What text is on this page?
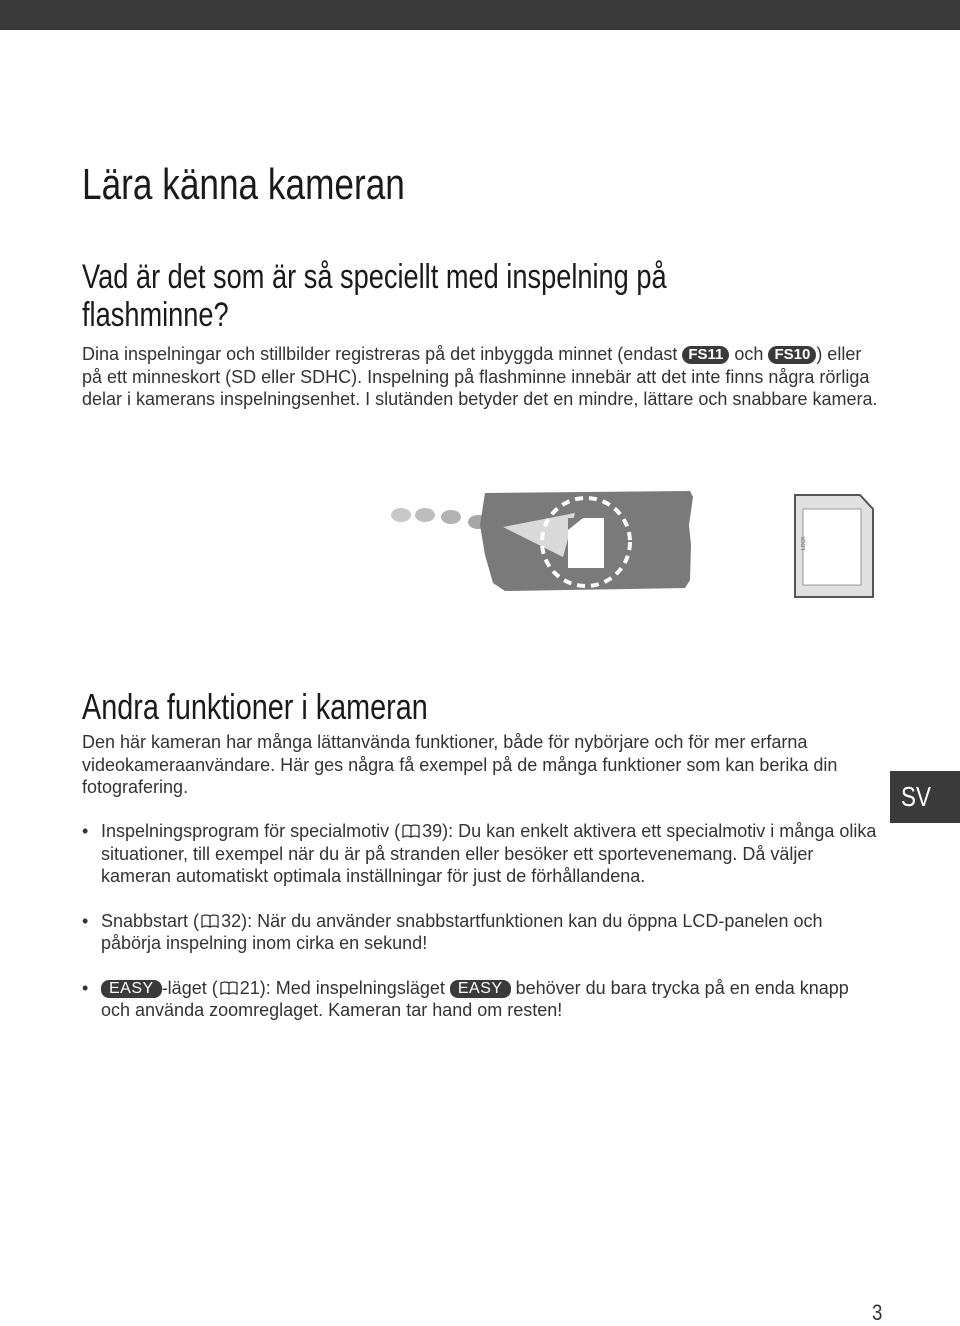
Lära känna kameran
Vad är det som är så speciellt med inspelning på flashminne?

Dina inspelningar och stillbilder registreras på det inbyggda minnet (endast FS11 och FS10 ) eller på ett minneskort (SD eller SDHC). Inspelning på flashminne innebär att det inte finns några rörliga delar i kamerans inspelningsenhet. I slutänden betyder det en mindre, lättare och snabbare kamera.

LOCK
Andra funktioner i kameran

Den här kameran har många lättanvända funktioner, både för nybörjare och för mer erfarna videokameraanvändare. Här ges några få exempel på de många funktioner som kan berika din fotografering.

• Inspelningsprogram för specialmotiv ( 39): Du kan enkelt aktivera ett specialmotiv i många olika situationer, till exempel när du är på stranden eller besöker ett sportevenemang. Då väljer kameran automatiskt optimala inställningar för just de förhållandena.
• Snabbstart ( 32): När du använder snabbstartfunktionen kan du öppna LCD-panelen och påbörja inspelning inom cirka en sekund!
• EASY -läget ( 21): Med inspelningsläget EASY behöver du bara trycka på en enda knapp och använda zoomreglaget. Kameran tar hand om resten!
SV
3
